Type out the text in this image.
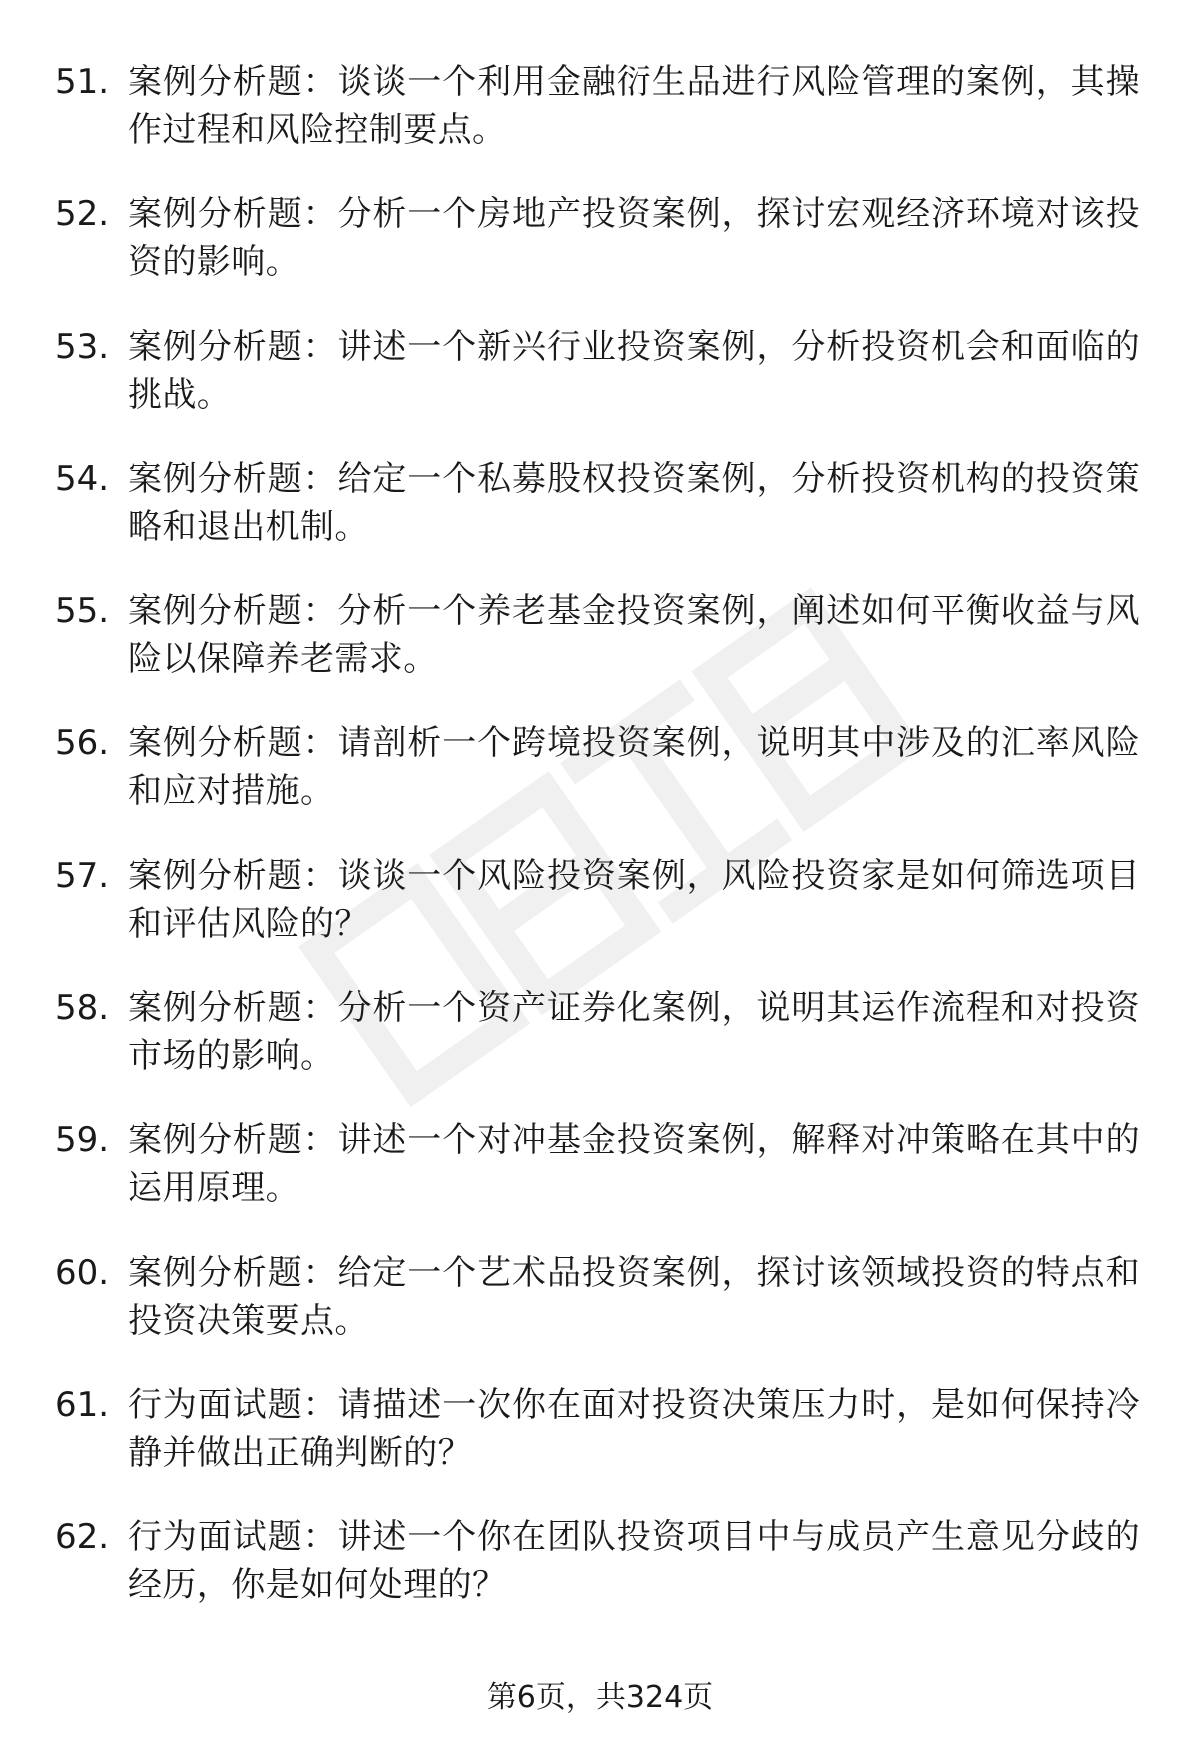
51. 案例分析题：谈谈一个利用金融衍生品进行风险管理的案例，其操作过程和风险控制要点。
52. 案例分析题：分析一个房地产投资案例，探讨宏观经济环境对该投资的影响。
53. 案例分析题：讲述一个新兴行业投资案例，分析投资机会和面临的挑战。
54. 案例分析题：给定一个私募股权投资案例，分析投资机构的投资策略和退出机制。
55. 案例分析题：分析一个养老基金投资案例，阐述如何平衡收益与风险以保障养老需求。
56. 案例分析题：请剖析一个跨境投资案例，说明其中涉及的汇率风险和应对措施。
57. 案例分析题：谈谈一个风险投资案例，风险投资家是如何筛选项目和评估风险的？
58. 案例分析题：分析一个资产证券化案例，说明其运作流程和对投资市场的影响。
59. 案例分析题：讲述一个对冲基金投资案例，解释对冲策略在其中的运用原理。
60. 案例分析题：给定一个艺术品投资案例，探讨该领域投资的特点和投资决策要点。
61. 行为面试题：请描述一次你在面对投资决策压力时，是如何保持冷静并做出正确判断的？
62. 行为面试题：讲述一个你在团队投资项目中与成员产生意见分歧的经历，你是如何处理的？
第6页，共324页
